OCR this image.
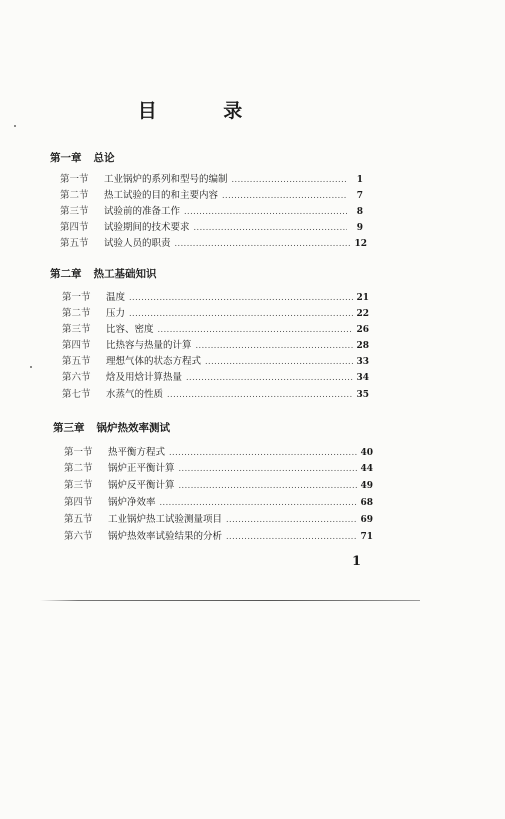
目 录
第一章 总论
第一节	工业锅炉的系列和型号的编制 .....	1
第二节	热工试验的目的和主要内容 .....	7
第三节	试验前的准备工作 .....	8
第四节	试验期间的技术要求 .....	9
第五节	试验人员的职责 .....	12
第二章 热工基础知识
第一节	温度 .....	21
第二节	压力 .....	22
第三节	比容、密度 .....	26
第四节	比热容与热量的计算 .....	28
第五节	理想气体的状态方程式 .....	33
第六节	焓及用焓计算热量 .....	34
第七节	水蒸气的性质 .....	35
第三章 锅炉热效率测试
第一节	热平衡方程式 .....	40
第二节	锅炉正平衡计算 .....	44
第三节	锅炉反平衡计算 .....	49
第四节	锅炉净效率 .....	68
第五节	工业锅炉热工试验测量项目 .....	69
第六节	锅炉热效率试验结果的分析 .....	71
1
